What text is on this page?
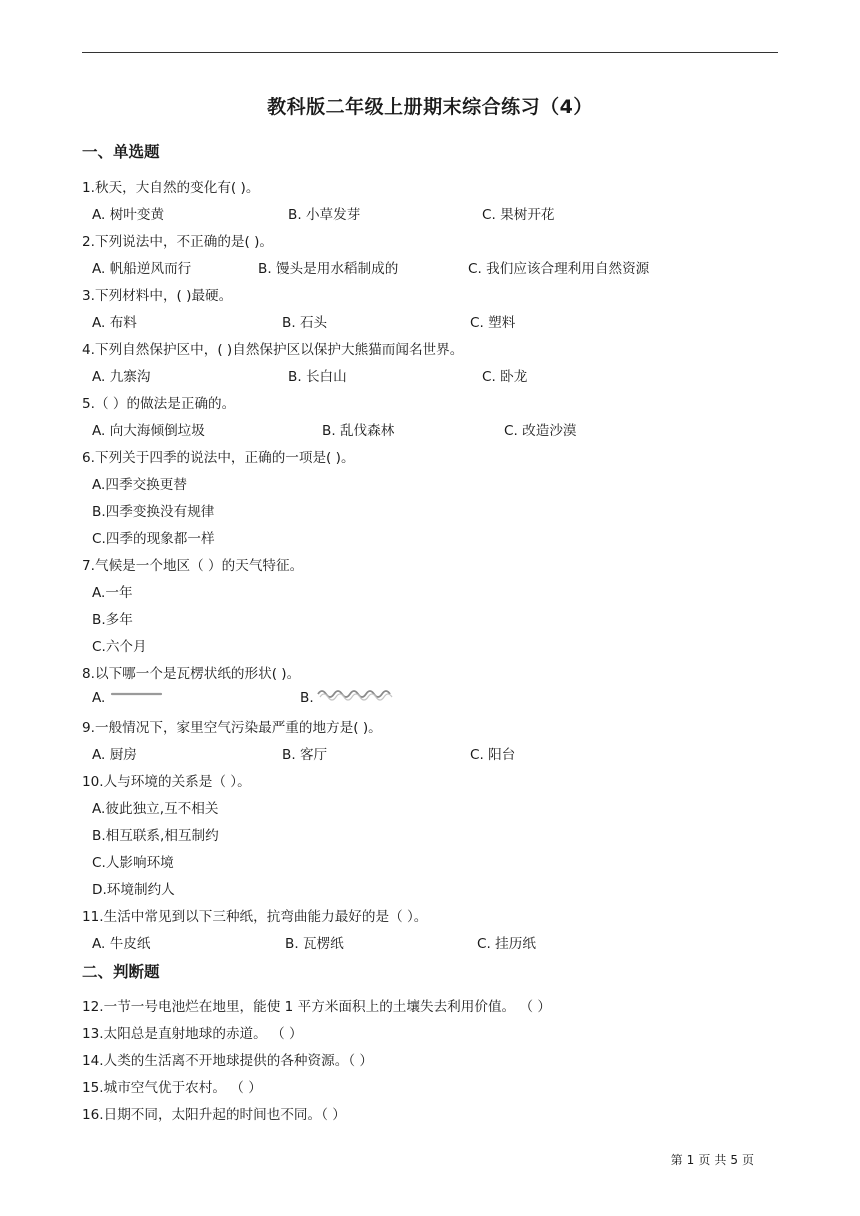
教科版二年级上册期末综合练习（4）
一、单选题
1.秋天，大自然的变化有( )。
A. 树叶变黄	B. 小草发芽	C. 果树开花
2.下列说法中，不正确的是( )。
A. 帆船逆风而行	B. 馒头是用水稻制成的	C. 我们应该合理利用自然资源
3.下列材料中，( )最硬。
A. 布料	B. 石头	C. 塑料
4.下列自然保护区中，( )自然保护区以保护大熊猫而闻名世界。
A. 九寨沟	B. 长白山	C. 卧龙
5.（ ）的做法是正确的。
A. 向大海倾倒垃圾	B. 乱伐森林	C. 改造沙漠
6.下列关于四季的说法中，正确的一项是( )。
A.四季交换更替
B.四季变换没有规律
C.四季的现象都一样
7.气候是一个地区（ ）的天气特征。
A.一年
B.多年
C.六个月
8.以下哪一个是瓦楞状纸的形状( )。
A.	B.
9.一般情况下，家里空气污染最严重的地方是( )。
A. 厨房	B. 客厅	C. 阳台
10.人与环境的关系是（ ）。
A.彼此独立,互不相关
B.相互联系,相互制约
C.人影响环境
D.环境制约人
11.生活中常见到以下三种纸，抗弯曲能力最好的是（ ）。
A. 牛皮纸	B. 瓦楞纸	C. 挂历纸
二、判断题
12.一节一号电池烂在地里，能使 1 平方米面积上的土壤失去利用价值。 （ ）
13.太阳总是直射地球的赤道。 （ ）
14.人类的生活离不开地球提供的各种资源。（ ）
15.城市空气优于农村。 （ ）
16.日期不同，太阳升起的时间也不同。（ ）
第 1 页 共 5 页
